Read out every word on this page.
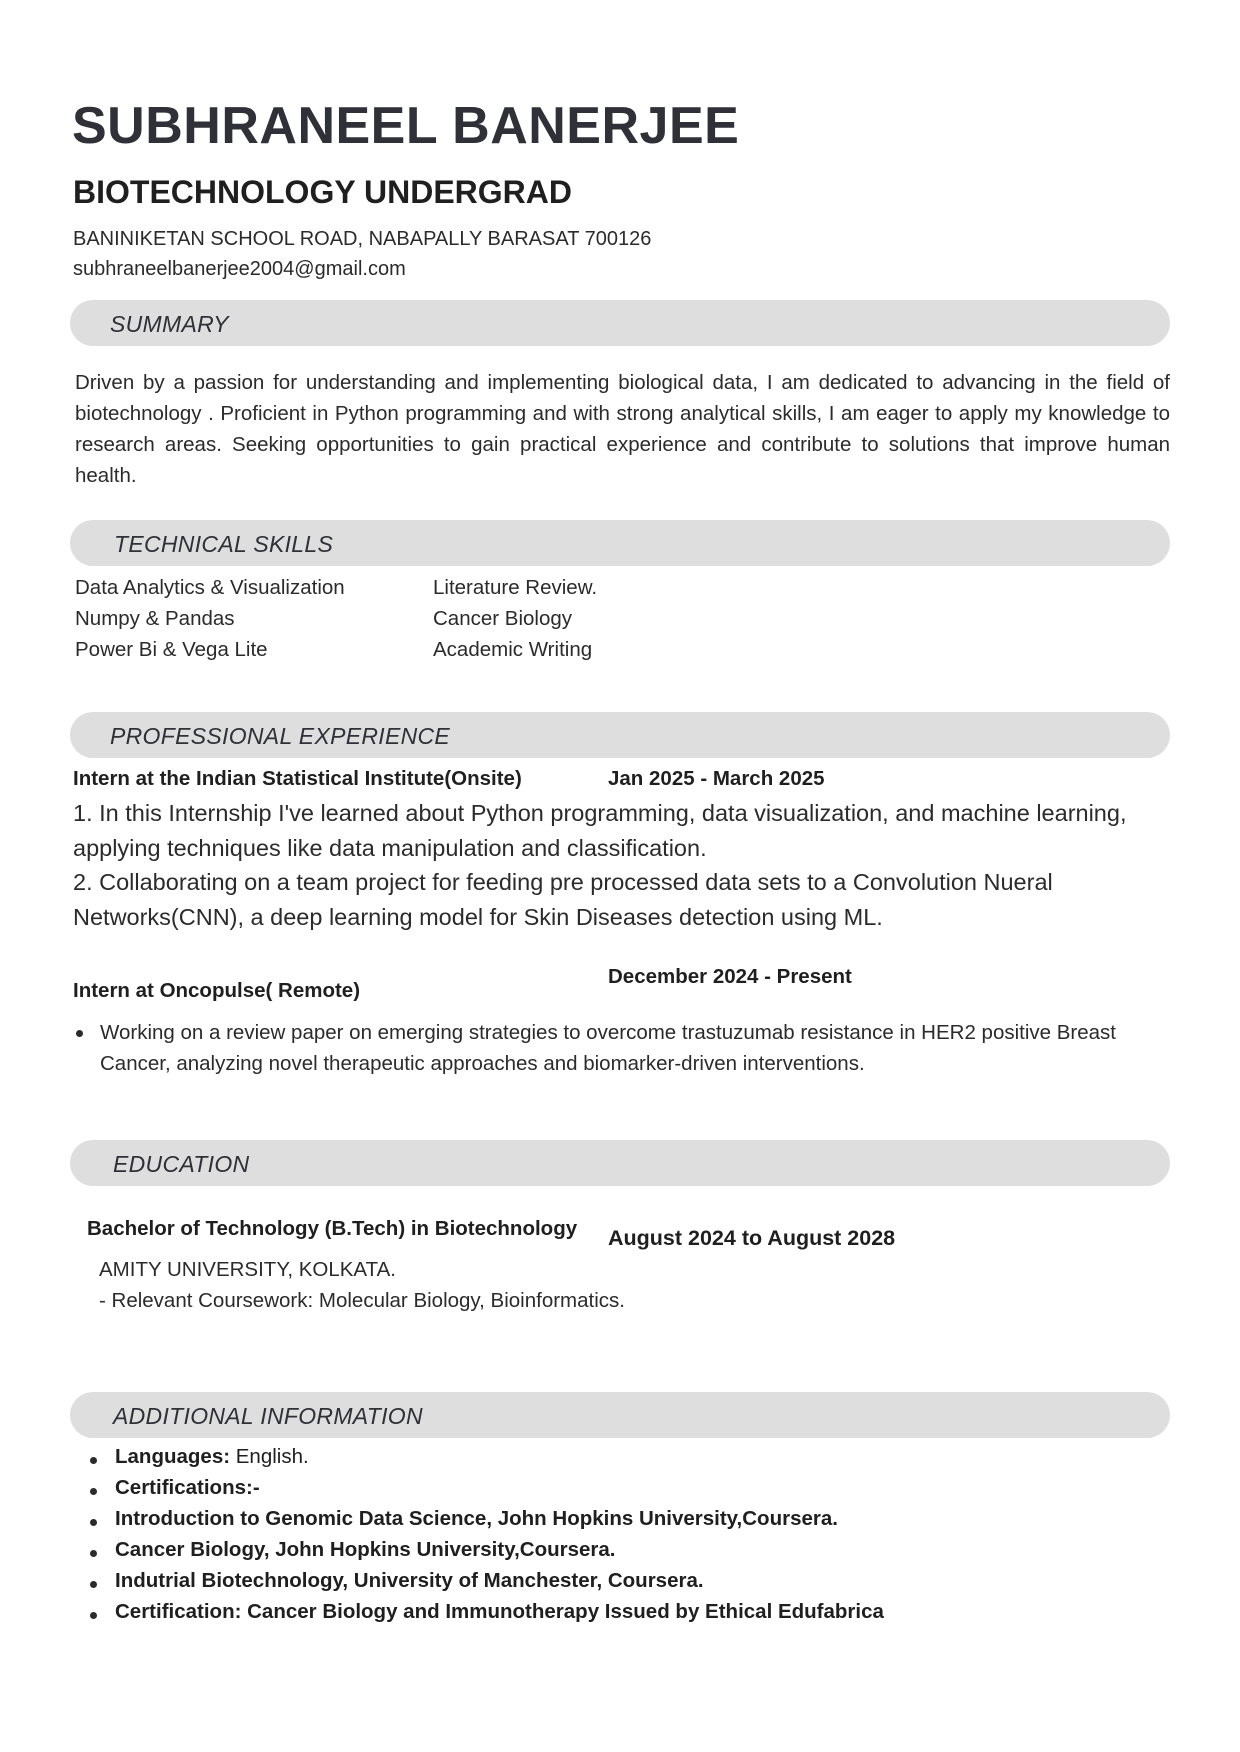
SUBHRANEEL BANERJEE
BIOTECHNOLOGY UNDERGRAD
BANINIKETAN SCHOOL ROAD, NABAPALLY BARASAT 700126
subhraneelbanerjee2004@gmail.com
SUMMARY
Driven by a passion for understanding and implementing biological data, I am dedicated to advancing in the field of biotechnology . Proficient in Python programming and with strong analytical skills, I am eager to apply my knowledge to research areas. Seeking opportunities to gain practical experience and contribute to solutions that improve human health.
TECHNICAL SKILLS
Data Analytics & Visualization
Numpy & Pandas
Power Bi & Vega Lite
Literature Review.
Cancer Biology
Academic Writing
PROFESSIONAL EXPERIENCE
Intern at the Indian Statistical Institute(Onsite)	Jan 2025 - March 2025
1. In this Internship I've learned about Python programming, data visualization, and machine learning, applying techniques like data manipulation and classification.
2. Collaborating on a team project for feeding pre processed data sets to a Convolution Nueral Networks(CNN), a deep learning model for Skin Diseases detection using ML.
Intern at Oncopulse( Remote)
December 2024 - Present
Working on a review paper on emerging strategies to overcome trastuzumab resistance in HER2 positive Breast Cancer, analyzing novel therapeutic approaches and biomarker-driven interventions.
EDUCATION
Bachelor of Technology (B.Tech) in Biotechnology August 2024 to August 2028
AMITY UNIVERSITY, KOLKATA.
- Relevant Coursework: Molecular Biology, Bioinformatics.
ADDITIONAL INFORMATION
Languages: English.
Certifications:-
Introduction to Genomic Data Science, John Hopkins University,Coursera.
Cancer Biology, John Hopkins University,Coursera.
Indutrial Biotechnology, University of Manchester, Coursera.
Certification: Cancer Biology and Immunotherapy Issued by Ethical Edufabrica
